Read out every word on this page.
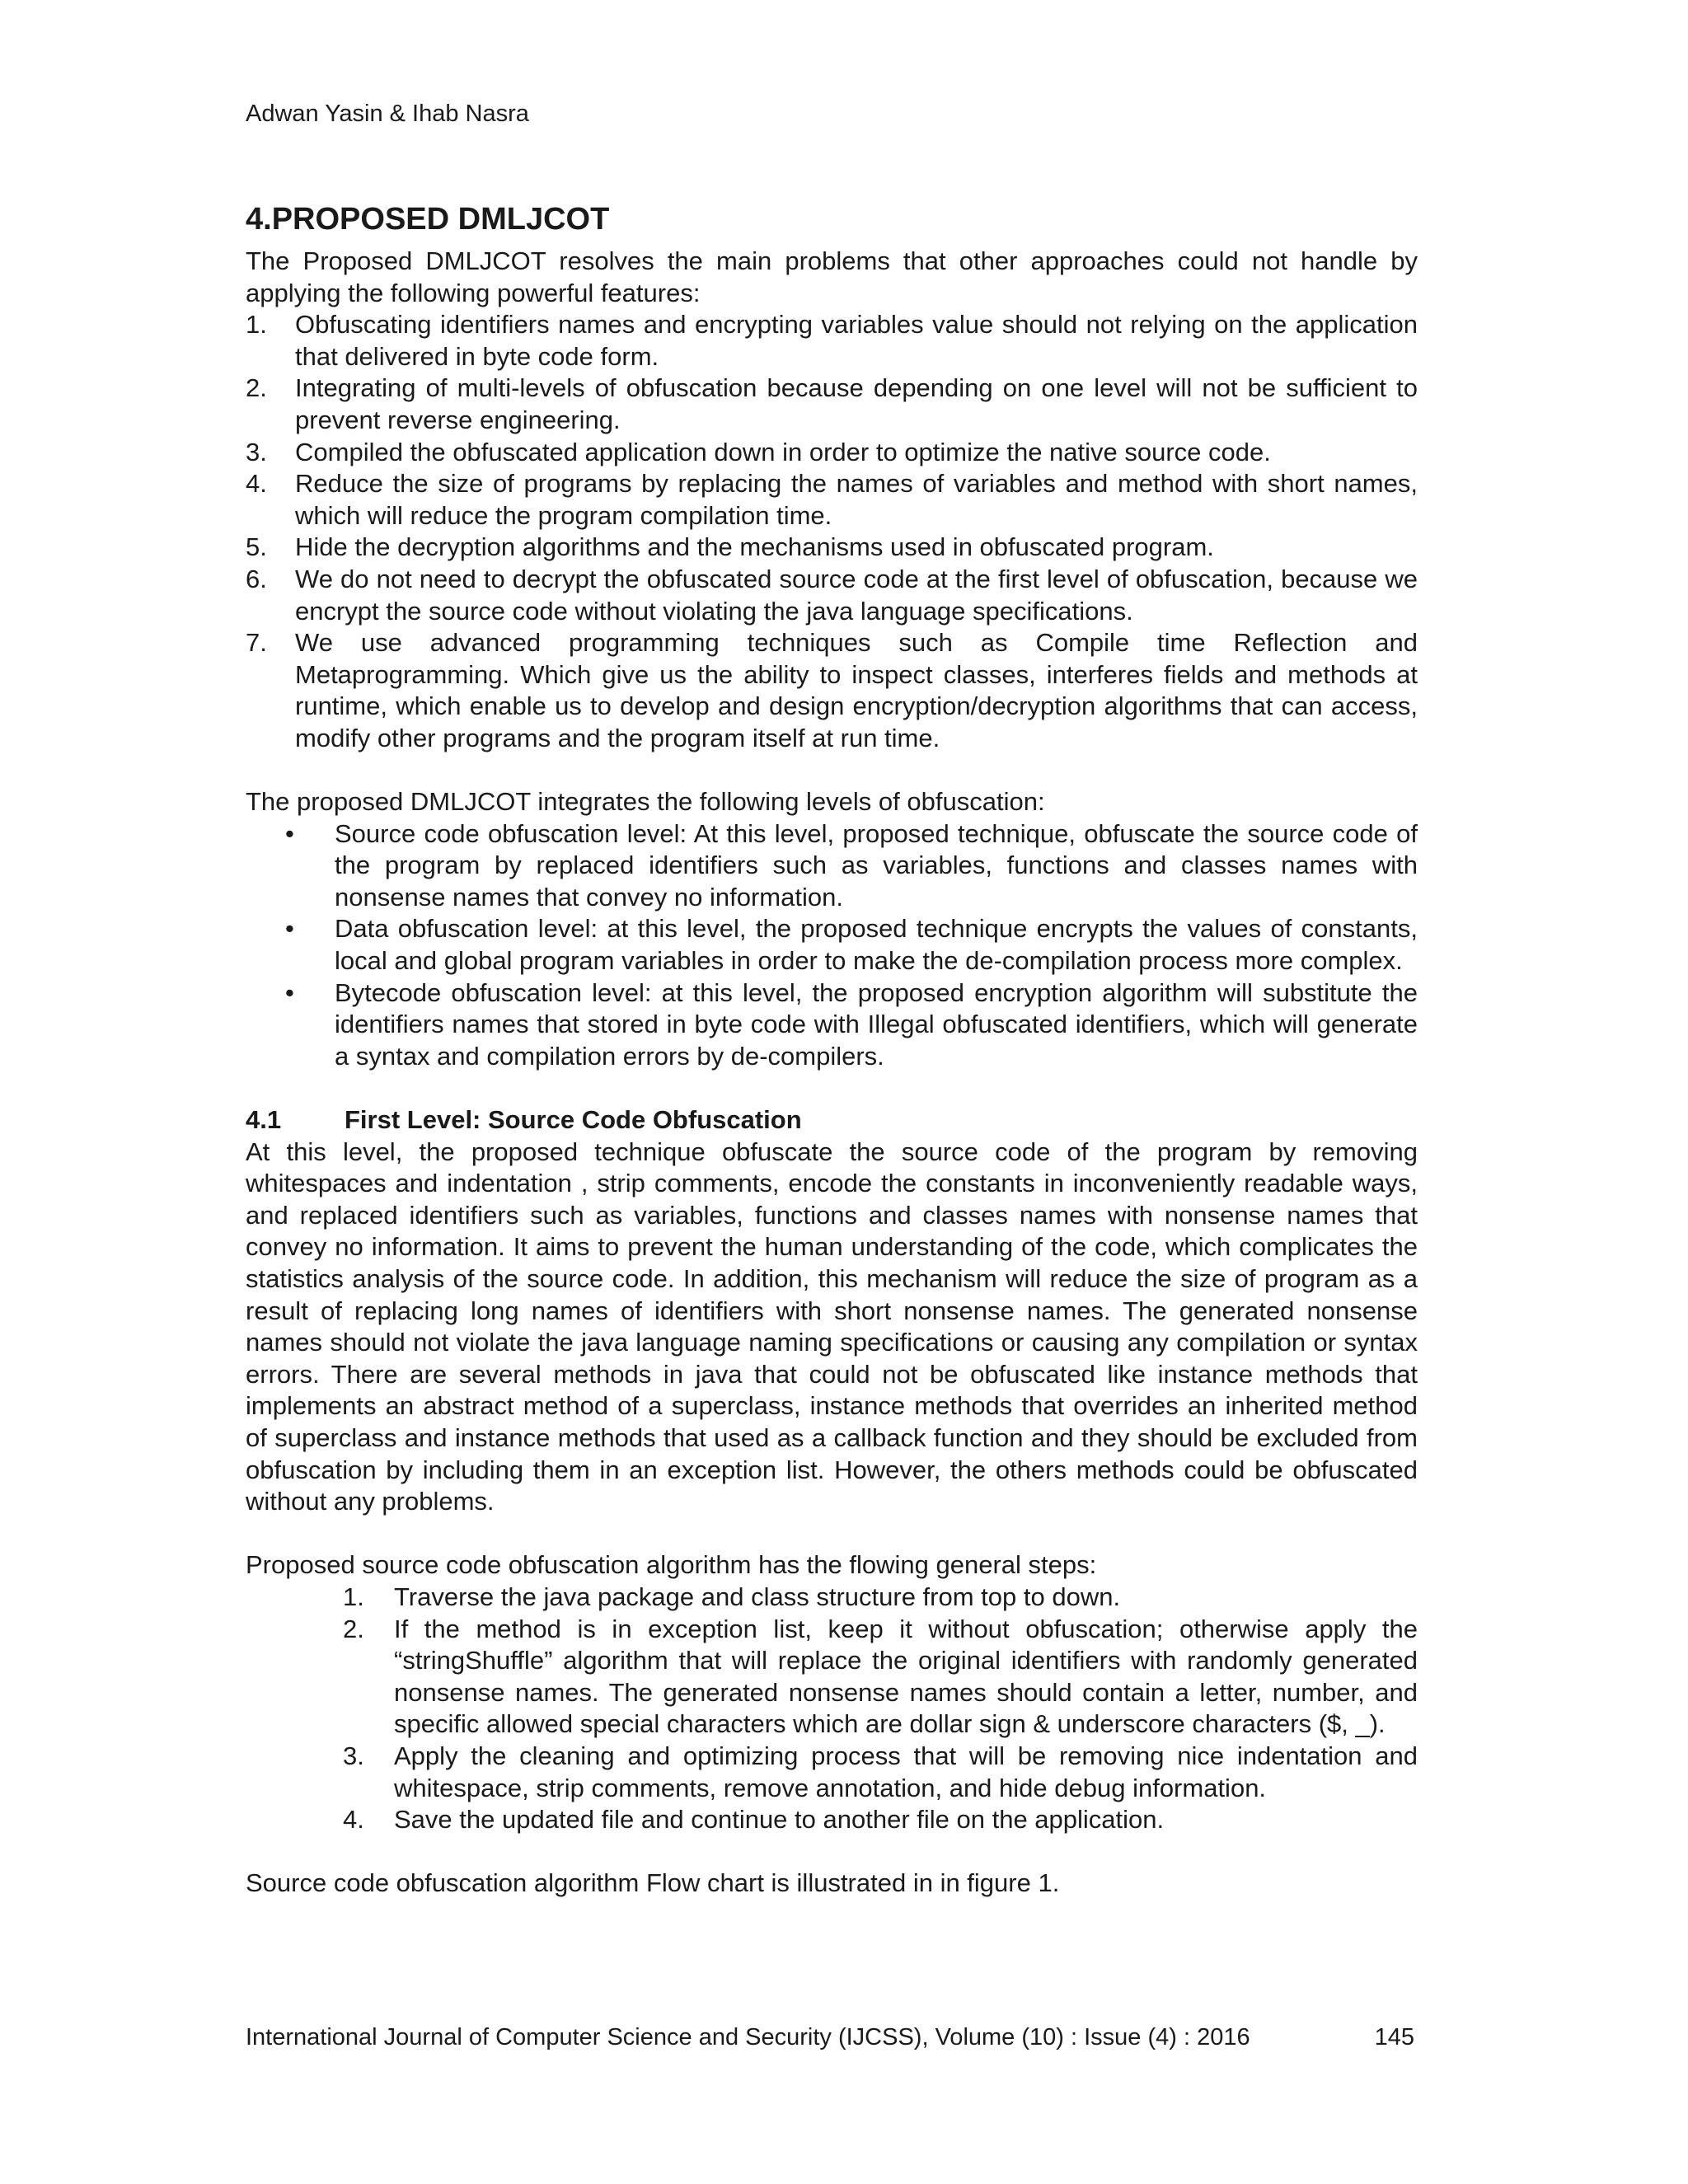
Adwan Yasin & Ihab Nasra
4.PROPOSED DMLJCOT

The Proposed DMLJCOT resolves the main problems that other approaches could not handle by applying the following powerful features:

1.	Obfuscating identifiers names and encrypting variables value should not relying on the application that delivered in byte code form.
2.	Integrating of multi-levels of obfuscation because depending on one level will not be sufficient to prevent reverse engineering.
3.	Compiled the obfuscated application down in order to optimize the native source code.
4.	Reduce the size of programs by replacing the names of variables and method with short names, which will reduce the program compilation time.
5.	Hide the decryption algorithms and the mechanisms used in obfuscated program.
6.	We do not need to decrypt the obfuscated source code at the first level of obfuscation, because we encrypt the source code without violating the java language specifications.
7.	We use advanced programming techniques such as Compile time Reflection and Metaprogramming. Which give us the ability to inspect classes, interferes fields and methods at runtime, which enable us to develop and design encryption/decryption algorithms that can access, modify other programs and the program itself at run time.

The proposed DMLJCOT integrates the following levels of obfuscation:

•	Source code obfuscation level: At this level, proposed technique, obfuscate the source code of the program by replaced identifiers such as variables, functions and classes names with nonsense names that convey no information.
•	Data obfuscation level: at this level, the proposed technique encrypts the values of constants, local and global program variables in order to make the de-compilation process more complex.
•	Bytecode obfuscation level: at this level, the proposed encryption algorithm will substitute the identifiers names that stored in byte code with Illegal obfuscated identifiers, which will generate a syntax and compilation errors by de-compilers.
4.1	First Level: Source Code Obfuscation

At this level, the proposed technique obfuscate the source code of the program by removing whitespaces and indentation , strip comments, encode the constants in inconveniently readable ways, and replaced identifiers such as variables, functions and classes names with nonsense names that convey no information. It aims to prevent the human understanding of the code, which complicates the statistics analysis of the source code. In addition, this mechanism will reduce the size of program as a result of replacing long names of identifiers with short nonsense names. The generated nonsense names should not violate the java language naming specifications or causing any compilation or syntax errors. There are several methods in java that could not be obfuscated like instance methods that implements an abstract method of a superclass, instance methods that overrides an inherited method of superclass and instance methods that used as a callback function and they should be excluded from obfuscation by including them in an exception list. However, the others methods could be obfuscated without any problems.

Proposed source code obfuscation algorithm has the flowing general steps:

1.	Traverse the java package and class structure from top to down.
2.	If the method is in exception list, keep it without obfuscation; otherwise apply the “stringShuffle” algorithm that will replace the original identifiers with randomly generated nonsense names. The generated nonsense names should contain a letter, number, and specific allowed special characters which are dollar sign & underscore characters ($, _).
3.	Apply the cleaning and optimizing process that will be removing nice indentation and whitespace, strip comments, remove annotation, and hide debug information.
4.	Save the updated file and continue to another file on the application.

Source code obfuscation algorithm Flow chart is illustrated in in figure 1.

International Journal of Computer Science and Security (IJCSS), Volume (10) : Issue (4) : 2016	145
